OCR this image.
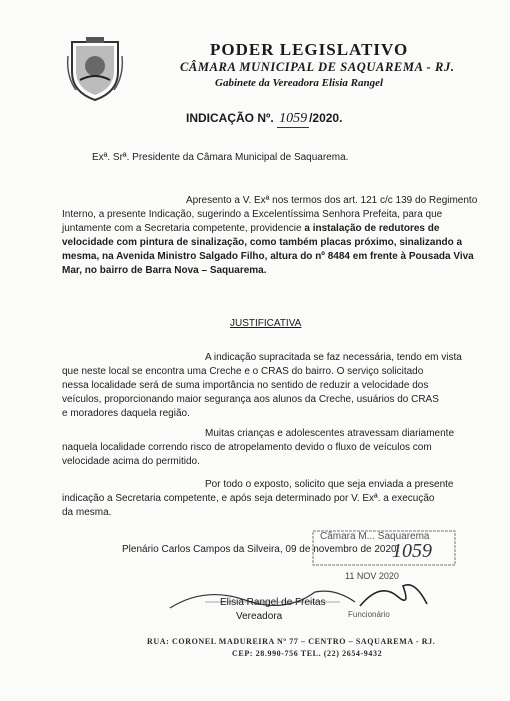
PODER LEGISLATIVO
CÂMARA MUNICIPAL DE SAQUAREMA - RJ.
Gabinete da Vereadora Elisia Rangel
INDICAÇÃO Nº. 1059 /2020.
Exª. Srª. Presidente da Câmara Municipal de Saquarema.
Apresento a V. Exª nos termos dos art. 121 c/c 139 do Regimento
Interno, a presente Indicação, sugerindo a Excelentíssima Senhora Prefeita, para que
juntamente com a Secretaria competente, providencie a instalação de redutores de
velocidade com pintura de sinalização, como também placas próximo, sinalizando a
mesma, na Avenida Ministro Salgado Filho, altura do nº 8484 em frente à Pousada Viva
Mar, no bairro de Barra Nova – Saquarema.
JUSTIFICATIVA
A indicação supracitada se faz necessária, tendo em vista
que neste local se encontra uma Creche e o CRAS do bairro. O serviço solicitado
nessa localidade será de suma importância no sentido de reduzir a velocidade dos
veículos, proporcionando maior segurança aos alunos da Creche, usuários do CRAS
e moradores daquela região.
Muitas crianças e adolescentes atravessam diariamente
naquela localidade correndo risco de atropelamento devido o fluxo de veículos com
velocidade acima do permitido.
Por todo o exposto, solicito que seja enviada a presente
indicação a Secretaria competente, e após seja determinado por V. Exª. a execução
da mesma.
Plenário Carlos Campos da Silveira, 09 de novembro de 2020.
Câmara M... Saquarema
1059
11 NOV 2020
Funcionário
Elisia Rangel de Freitas
Vereadora
RUA: CORONEL MADUREIRA Nº 77 – CENTRO – SAQUAREMA - RJ.
CEP: 28.990-756 TEL. (22) 2654-9432
